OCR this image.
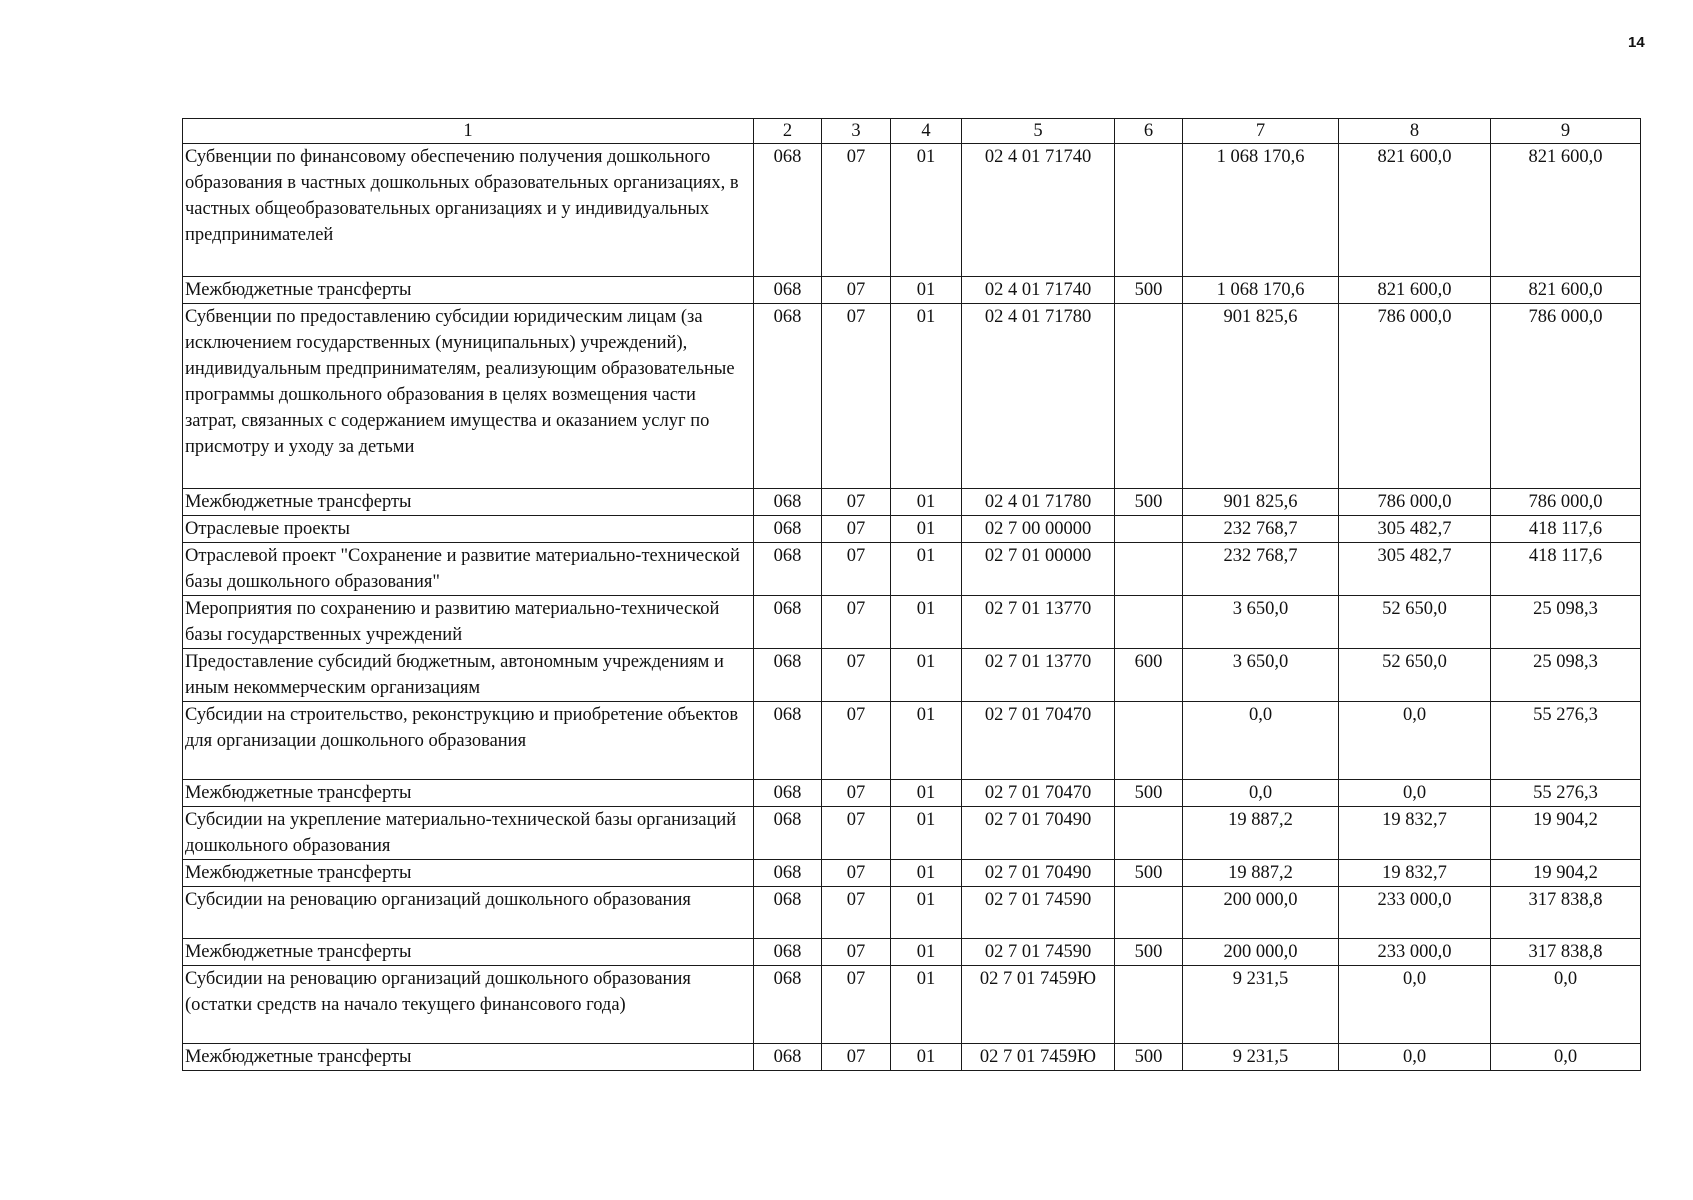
14
1	2	3	4	5	6	7	8	9
Субвенции по финансовому обеспечению получения дошкольного образования в частных дошкольных образовательных организациях, в частных общеобразовательных организациях и у индивидуальных предпринимателей	068	07	01	02 4 01 71740		1 068 170,6	821 600,0	821 600,0
Межбюджетные трансферты	068	07	01	02 4 01 71740	500	1 068 170,6	821 600,0	821 600,0
Субвенции по предоставлению субсидии юридическим лицам (за исключением государственных (муниципальных) учреждений), индивидуальным предпринимателям, реализующим образовательные программы дошкольного образования в целях возмещения части затрат, связанных с содержанием имущества и оказанием услуг по присмотру и уходу за детьми	068	07	01	02 4 01 71780		901 825,6	786 000,0	786 000,0
Межбюджетные трансферты	068	07	01	02 4 01 71780	500	901 825,6	786 000,0	786 000,0
Отраслевые проекты	068	07	01	02 7 00 00000		232 768,7	305 482,7	418 117,6
Отраслевой проект "Сохранение и развитие материально-технической базы дошкольного образования"	068	07	01	02 7 01 00000		232 768,7	305 482,7	418 117,6
Мероприятия по сохранению и развитию материально-технической базы государственных учреждений	068	07	01	02 7 01 13770		3 650,0	52 650,0	25 098,3
Предоставление субсидий бюджетным, автономным учреждениям и иным некоммерческим организациям	068	07	01	02 7 01 13770	600	3 650,0	52 650,0	25 098,3
Субсидии на строительство, реконструкцию и приобретение объектов для организации дошкольного образования	068	07	01	02 7 01 70470		0,0	0,0	55 276,3
Межбюджетные трансферты	068	07	01	02 7 01 70470	500	0,0	0,0	55 276,3
Субсидии на укрепление материально-технической базы организаций дошкольного образования	068	07	01	02 7 01 70490		19 887,2	19 832,7	19 904,2
Межбюджетные трансферты	068	07	01	02 7 01 70490	500	19 887,2	19 832,7	19 904,2
Субсидии на реновацию организаций дошкольного образования	068	07	01	02 7 01 74590		200 000,0	233 000,0	317 838,8
Межбюджетные трансферты	068	07	01	02 7 01 74590	500	200 000,0	233 000,0	317 838,8
Субсидии на реновацию организаций дошкольного образования (остатки средств на начало текущего финансового года)	068	07	01	02 7 01 7459Ю		9 231,5	0,0	0,0
Межбюджетные трансферты	068	07	01	02 7 01 7459Ю	500	9 231,5	0,0	0,0
